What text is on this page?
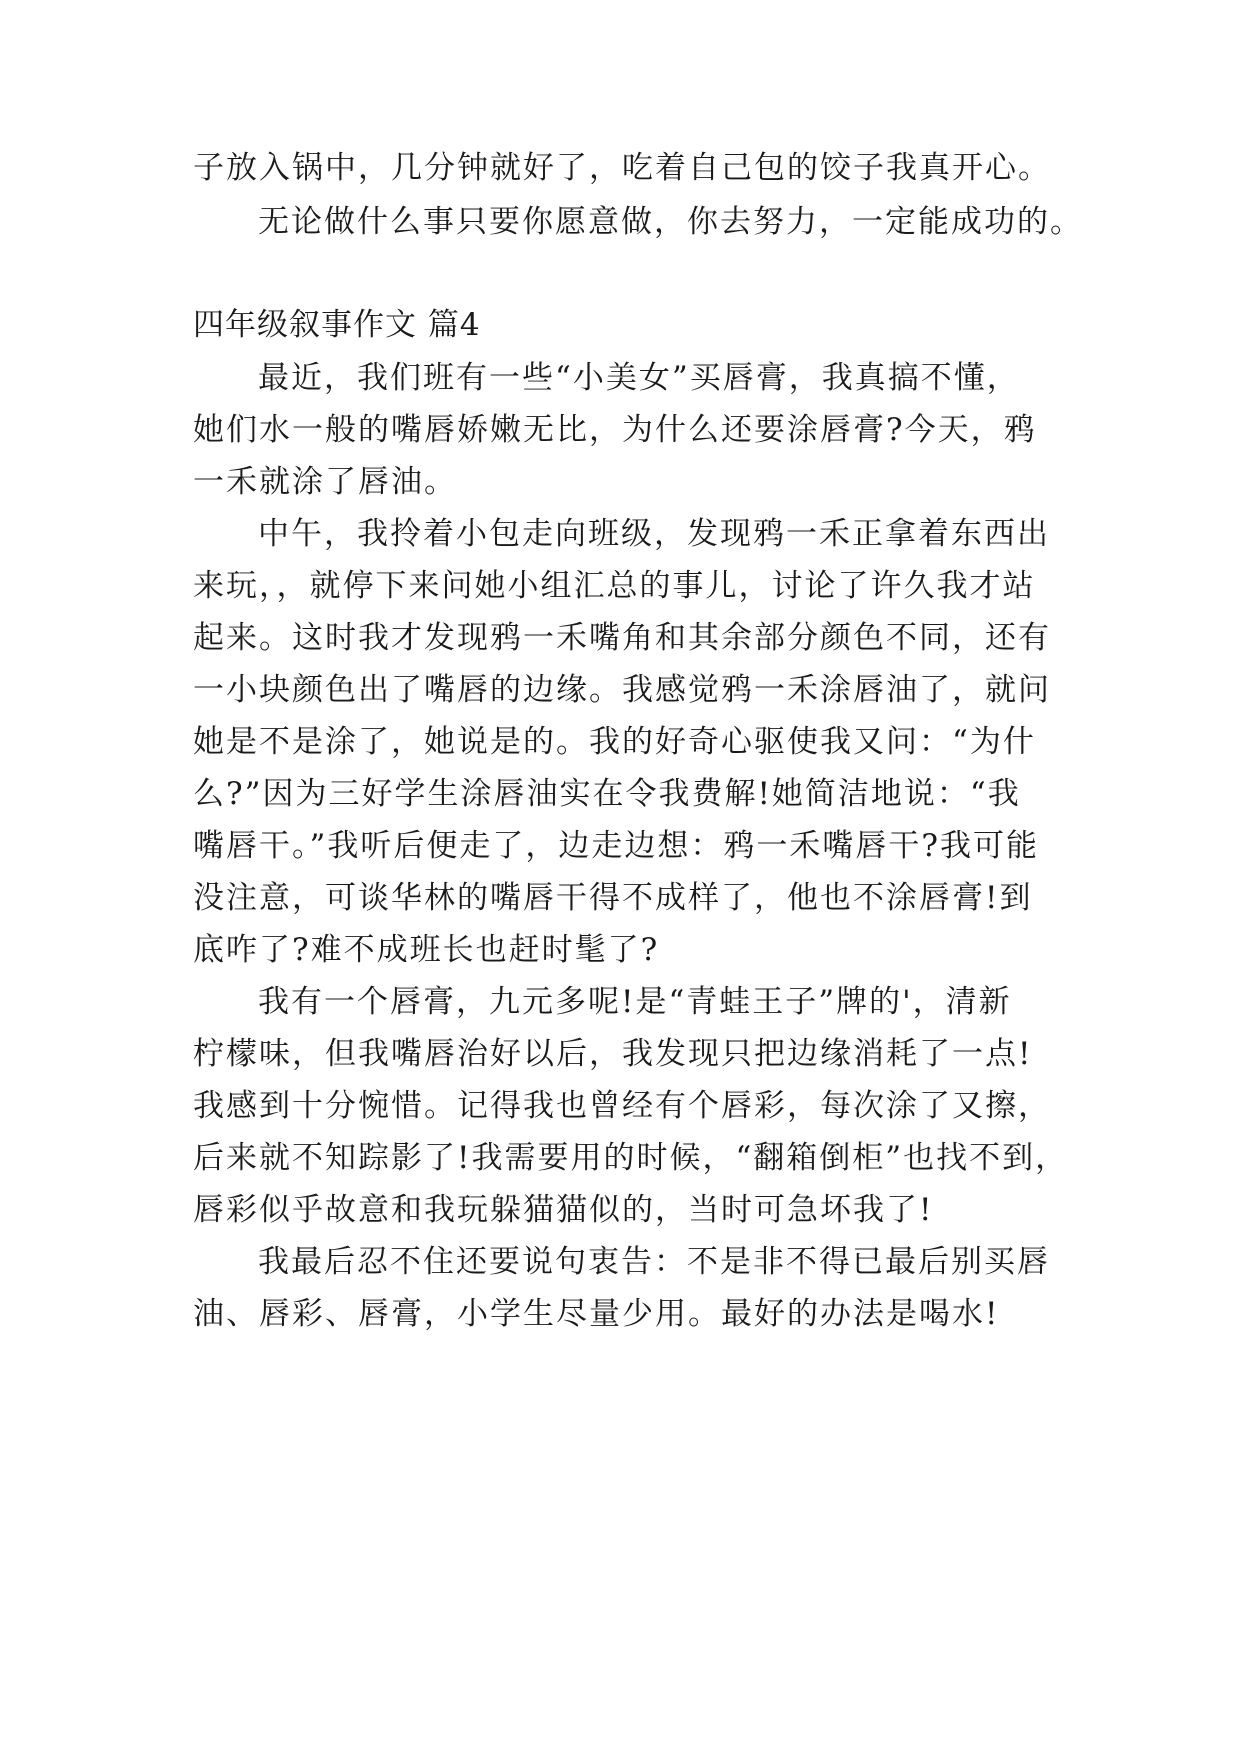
子放入锅中，几分钟就好了，吃着自己包的饺子我真开心。
无论做什么事只要你愿意做，你去努力，一定能成功的。
四年级叙事作文 篇4
最近，我们班有一些“小美女”买唇膏，我真搞不懂，
她们水一般的嘴唇娇嫩无比，为什么还要涂唇膏?今天，鸦
一禾就涂了唇油。
中午，我拎着小包走向班级，发现鸦一禾正拿着东西出
来玩，，就停下来问她小组汇总的事儿，讨论了许久我才站
起来。这时我才发现鸦一禾嘴角和其余部分颜色不同，还有
一小块颜色出了嘴唇的边缘。我感觉鸦一禾涂唇油了，就问
她是不是涂了，她说是的。我的好奇心驱使我又问：“为什
么?”因为三好学生涂唇油实在令我费解!她简洁地说：“我
嘴唇干。”我听后便走了，边走边想：鸦一禾嘴唇干?我可能
没注意，可谈华林的嘴唇干得不成样了，他也不涂唇膏!到
底咋了?难不成班长也赶时髦了?
我有一个唇膏，九元多呢!是“青蛙王子”牌的'，清新
柠檬味，但我嘴唇治好以后，我发现只把边缘消耗了一点!
我感到十分惋惜。记得我也曾经有个唇彩，每次涂了又擦，
后来就不知踪影了!我需要用的时候，“翻箱倒柜”也找不到，
唇彩似乎故意和我玩躲猫猫似的，当时可急坏我了!
我最后忍不住还要说句衷告：不是非不得已最后别买唇
油、唇彩、唇膏，小学生尽量少用。最好的办法是喝水!
